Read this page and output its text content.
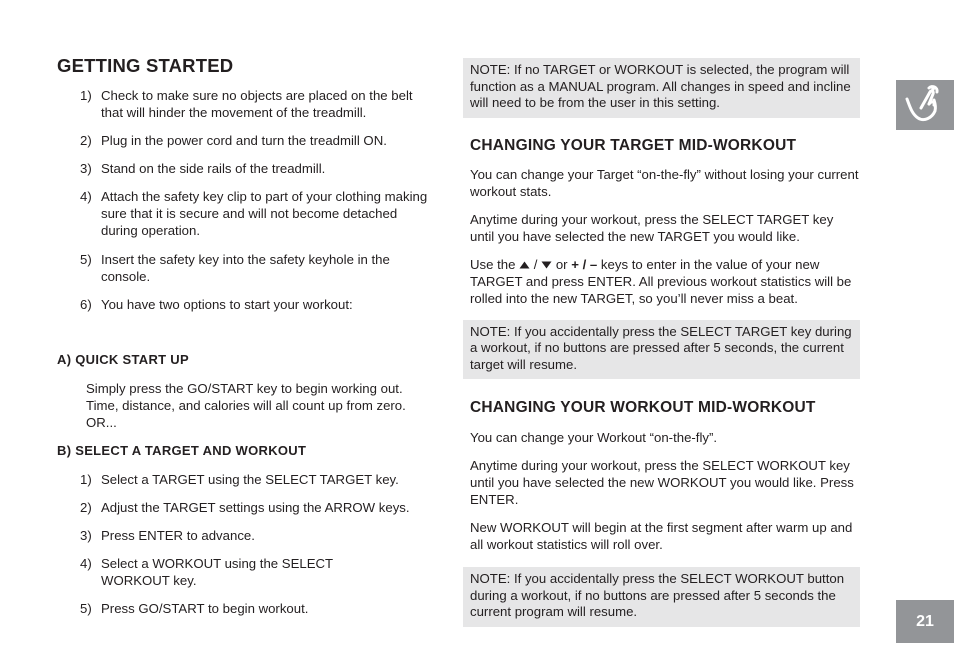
GETTING STARTED
1) Check to make sure no objects are placed on the belt that will hinder the movement of the treadmill.
2) Plug in the power cord and turn the treadmill ON.
3) Stand on the side rails of the treadmill.
4) Attach the safety key clip to part of your clothing making sure that it is secure and will not become detached during operation.
5) Insert the safety key into the safety keyhole in the console.
6) You have two options to start your workout:
A) QUICK START UP

Simply press the GO/START key to begin working out. Time, distance, and calories will all count up from zero. OR...

B) SELECT A TARGET AND WORKOUT
1) Select a TARGET using the SELECT TARGET key.
2) Adjust the TARGET settings using the ARROW keys.
3) Press ENTER to advance.
4) Select a WORKOUT using the SELECT WORKOUT key.
5) Press GO/START to begin workout.
NOTE: If no TARGET or WORKOUT is selected, the program will function as a MANUAL program. All changes in speed and incline will need to be from the user in this setting.
CHANGING YOUR TARGET MID-WORKOUT

You can change your Target “on-the-fly” without losing your current workout stats.

Anytime during your workout, press the SELECT TARGET key until you have selected the new TARGET you would like.

Use the / or + / – keys to enter in the value of your new TARGET and press ENTER. All previous workout statistics will be rolled into the new TARGET, so you’ll never miss a beat.

NOTE: If you accidentally press the SELECT TARGET key during a workout, if no buttons are pressed after 5 seconds, the current target will resume.
CHANGING YOUR WORKOUT MID-WORKOUT

You can change your Workout “on-the-fly”.

Anytime during your workout, press the SELECT WORKOUT key until you have selected the new WORKOUT you would like. Press ENTER.

New WORKOUT will begin at the first segment after warm up and all workout statistics will roll over.

NOTE: If you accidentally press the SELECT WORKOUT button during a workout, if no buttons are pressed after 5 seconds the current program will resume.
21
